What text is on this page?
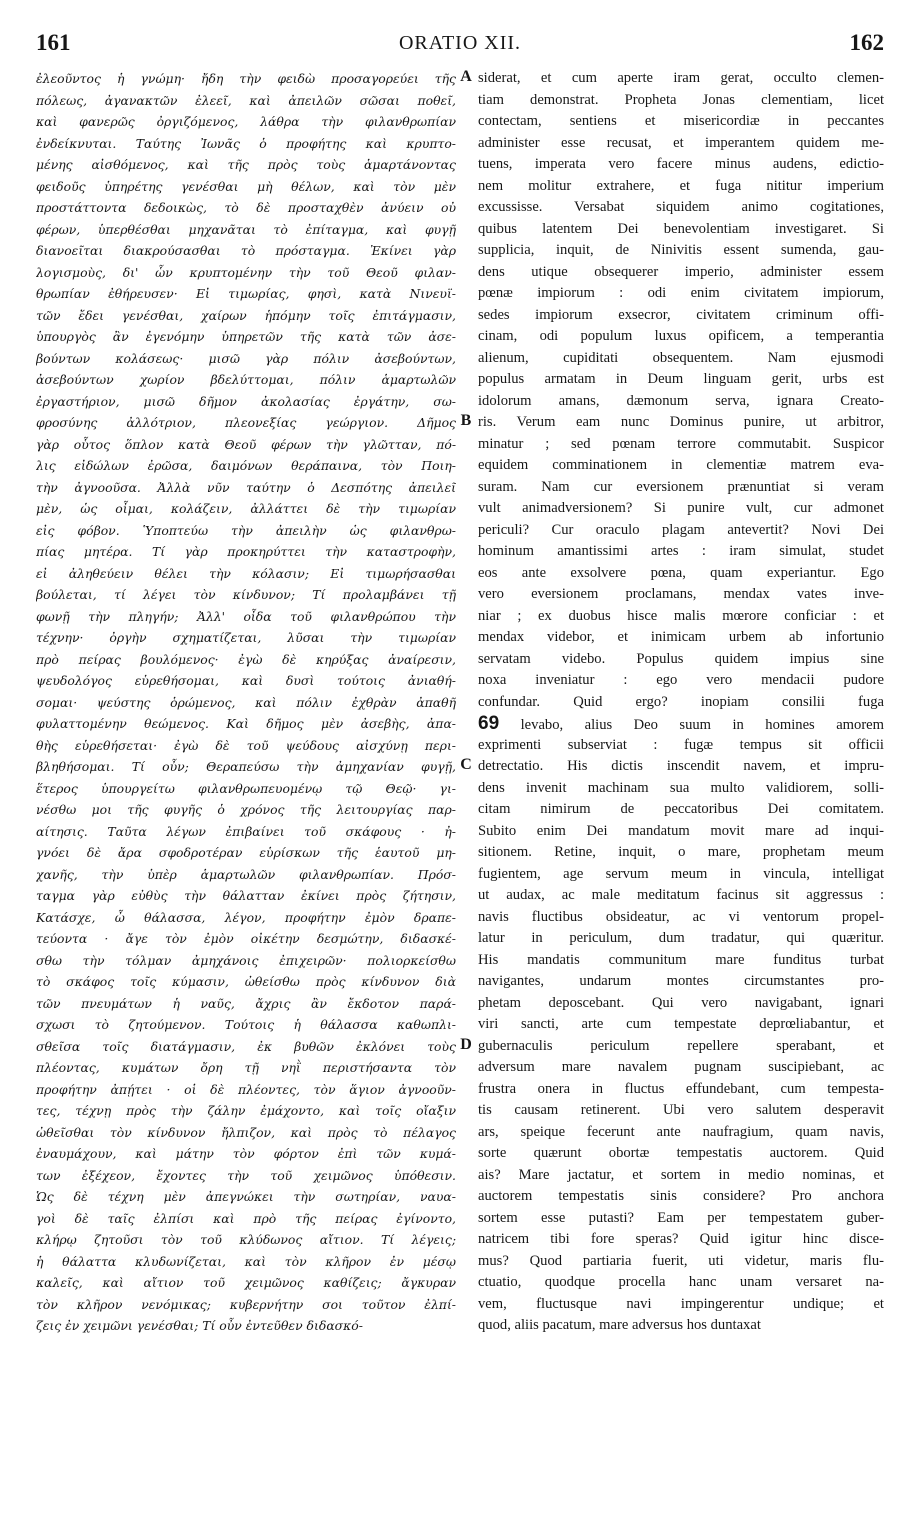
161	ORATIO XII.	162
ἐλεοῦντος ἡ γνώμη· ἤδη τὴν φειδὼ προσαγορεύει τῆς
πόλεως, ἀγανακτῶν ἐλεεῖ, καὶ ἀπειλῶν σῶσαι ποθεῖ,
καὶ φανερῶς ὀργιζόμενος, λάθρα τὴν φιλανθρωπίαν
ἐνδείκνυται. Ταύτης Ἰωνᾶς ὁ προφήτης καὶ κρυπτο-
μένης αἰσθόμενος, καὶ τῆς πρὸς τοὺς ἁμαρτάνοντας
φειδοῦς ὑπηρέτης γενέσθαι μὴ θέλων, καὶ τὸν μὲν
προστάττοντα δεδοικὼς, τὸ δὲ προσταχθὲν ἀνύειν οὐ
φέρων, ὑπερθέσθαι μηχανᾶται τὸ ἐπίταγμα, καὶ φυγῇ
διανοεῖται διακρούσασθαι τὸ πρόσταγμα. Ἐκίνει γὰρ
λογισμοὺς, δι' ὧν κρυπτομένην τὴν τοῦ Θεοῦ φιλαν-
θρωπίαν ἐθήρευσεν· Εἰ τιμωρίας, φησὶ, κατὰ Νινευϊ-
τῶν ἔδει γενέσθαι, χαίρων ἡπόμην τοῖς ἐπιτάγμασιν,
ὑπουργὸς ἂν ἐγενόμην ὑπηρετῶν τῆς κατὰ τῶν ἀσε-
βούντων κολάσεως· μισῶ γὰρ πόλιν ἀσεβούντων,
ἀσεβούντων χωρίον βδελύττομαι, πόλιν ἁμαρτωλῶν
ἐργαστήριον, μισῶ δῆμον ἀκολασίας ἐργάτην, σω-
φροσύνης ἀλλότριον, πλεονεξίας γεώργιον. Δῆμος
γὰρ οὗτος ὅπλον κατὰ Θεοῦ φέρων τὴν γλῶτταν, πό-
λις εἰδώλων ἐρῶσα, δαιμόνων θεράπαινα, τὸν Ποιη-
τὴν ἀγνοοῦσα. Ἀλλὰ νῦν ταύτην ὁ Δεσπότης ἀπειλεῖ
μὲν, ὡς οἶμαι, κολάζειν, ἀλλάττει δὲ τὴν τιμωρίαν
εἰς φόβον. Ὑποπτεύω τὴν ἀπειλὴν ὡς φιλανθρω-
πίας μητέρα. Τί γὰρ προκηρύττει τὴν καταστροφὴν,
εἰ ἀληθεύειν θέλει τὴν κόλασιν; Εἰ τιμωρήσασθαι
βούλεται, τί λέγει τὸν κίνδυνον; Τί προλαμβάνει τῇ
φωνῇ τὴν πληγήν; Ἀλλ' οἶδα τοῦ φιλανθρώπου τὴν
τέχνην· ὀργὴν σχηματίζεται, λῦσαι τὴν τιμωρίαν
πρὸ πείρας βουλόμενος· ἐγὼ δὲ κηρύξας ἀναίρεσιν,
ψευδολόγος εὑρεθήσομαι, καὶ δυσὶ τούτοις ἀνιαθή-
σομαι· ψεύστης ὁρώμενος, καὶ πόλιν ἐχθρὰν ἀπαθῆ
φυλαττομένην θεώμενος. Καὶ δῆμος μὲν ἀσεβὴς, ἀπα-
θὴς εὑρεθήσεται· ἐγὼ δὲ τοῦ ψεύδους αἰσχύνῃ περι-
βληθήσομαι. Τί οὖν; Θεραπεύσω τὴν ἀμηχανίαν φυγῇ,
ἕτερος ὑπουργείτω φιλανθρωπευομένῳ τῷ Θεῷ· γι-
νέσθω μοι τῆς φυγῆς ὁ χρόνος τῆς λειτουργίας παρ-
αίτησις. Ταῦτα λέγων ἐπιβαίνει τοῦ σκάφους · ἠ-
γνόει δὲ ἄρα σφοδροτέραν εὑρίσκων τῆς ἑαυτοῦ μη-
χανῆς, τὴν ὑπὲρ ἁμαρτωλῶν φιλανθρωπίαν. Πρόσ-
ταγμα γὰρ εὐθὺς τὴν θάλατταν ἐκίνει πρὸς ζήτησιν,
Κατάσχε, ὦ θάλασσα, λέγον, προφήτην ἐμὸν δραπε-
τεύοντα · ἄγε τὸν ἐμὸν οἰκέτην δεσμώτην, διδασκέ-
σθω τὴν τόλμαν ἀμηχάνοις ἐπιχειρῶν· πολιορκείσθω
τὸ σκάφος τοῖς κύμασιν, ὠθείσθω πρὸς κίνδυνον διὰ
τῶν πνευμάτων ἡ ναῦς, ἄχρις ἂν ἔκδοτον παρά-
σχωσι τὸ ζητούμενον. Τούτοις ἡ θάλασσα καθωπλι-
σθεῖσα τοῖς διατάγμασιν, ἐκ βυθῶν ἐκλόνει τοὺς
πλέοντας, κυμάτων ὄρη τῇ νηῒ περιστήσαντα τὸν
προφήτην ἀπῄτει · οἱ δὲ πλέοντες, τὸν ἅγιον ἀγνοοῦν-
τες, τέχνῃ πρὸς τὴν ζάλην ἐμάχοντο, καὶ τοῖς οἴαξιν
ὠθεῖσθαι τὸν κίνδυνον ἤλπιζον, καὶ πρὸς τὸ πέλαγος
ἐναυμάχουν, καὶ μάτην τὸν φόρτον ἐπὶ τῶν κυμά-
των ἐξέχεον, ἔχοντες τὴν τοῦ χειμῶνος ὑπόθεσιν.
Ὡς δὲ τέχνη μὲν ἀπεγνώκει τὴν σωτηρίαν, ναυα-
γοὶ δὲ ταῖς ἐλπίσι καὶ πρὸ τῆς πείρας ἐγίνοντο,
κλήρῳ ζητοῦσι τὸν τοῦ κλύδωνος αἴτιον. Τί λέγεις;
ἡ θάλαττα κλυδωνίζεται, καὶ τὸν κλῆρον ἐν μέσῳ
καλεῖς, καὶ αἴτιον τοῦ χειμῶνος καθίζεις; ἄγκυραν
τὸν κλῆρον νενόμικας; κυβερνήτην σοι τοῦτον ἐλπί-
ζεις ἐν χειμῶνι γενέσθαι; Τί οὖν ἐντεῦθεν διδασκό-
A
B
C
D
siderat, et cum aperte iram gerat, occulto clemen-
tiam demonstrat. Propheta Jonas clementiam, licet
contectam, sentiens et misericordiæ in peccantes
administer esse recusat, et imperantem quidem me-
tuens, imperata vero facere minus audens, edictio-
nem molitur extrahere, et fuga nititur imperium
excussisse. Versabat siquidem animo cogitationes,
quibus latentem Dei benevolentiam investigaret. Si
supplicia, inquit, de Ninivitis essent sumenda, gau-
dens utique obsequerer imperio, administer essem
pœnæ impiorum : odi enim civitatem impiorum,
sedes impiorum exsecror, civitatem criminum offi-
cinam, odi populum luxus opificem, a temperantia
alienum, cupiditati obsequentem. Nam ejusmodi
populus armatam in Deum linguam gerit, urbs est
idolorum amans, dæmonum serva, ignara Creato-
ris. Verum eam nunc Dominus punire, ut arbitror,
minatur ; sed pœnam terrore commutabit. Suspicor
equidem comminationem in clementiæ matrem eva-
suram. Nam cur eversionem prænuntiat si veram
vult animadversionem? Si punire vult, cur admonet
periculi? Cur oraculo plagam antevertit? Novi Dei
hominum amantissimi artes : iram simulat, studet
eos ante exsolvere pœna, quam experiantur. Ego
vero eversionem proclamans, mendax vates inve-
niar ; ex duobus hisce malis mœrore conficiar : et
mendax videbor, et inimicam urbem ab infortunio
servatam videbo. Populus quidem impius sine
noxa inveniatur : ego vero mendacii pudore
confundar. Quid ergo? inopiam consilii fuga
69 levabo, alius Deo suum in homines amorem
exprimenti subserviat : fugæ tempus sit officii
detrectatio. His dictis inscendit navem, et impru-
dens invenit machinam sua multo validiorem, solli-
citam nimirum de peccatoribus Dei comitatem.
Subito enim Dei mandatum movit mare ad inqui-
sitionem. Retine, inquit, o mare, prophetam meum
fugientem, age servum meum in vincula, intelligat
ut audax, ac male meditatum facinus sit aggressus :
navis fluctibus obsideatur, ac vi ventorum propel-
latur in periculum, dum tradatur, qui quæritur.
His mandatis communitum mare funditus turbat
navigantes, undarum montes circumstantes pro-
phetam deposcebant. Qui vero navigabant, ignari
viri sancti, arte cum tempestate deprœliabantur, et
gubernaculis periculum repellere sperabant, et
adversum mare navalem pugnam suscipiebant, ac
frustra onera in fluctus effundebant, cum tempesta-
tis causam retinerent. Ubi vero salutem desperavit
ars, speique fecerunt ante naufragium, quam navis,
sorte quærunt obortæ tempestatis auctorem. Quid
ais? Mare jactatur, et sortem in medio nominas, et
auctorem tempestatis sinis considere? Pro anchora
sortem esse putasti? Eam per tempestatem guber-
natricem tibi fore speras? Quid igitur hinc disce-
mus? Quod partiaria fuerit, uti videtur, maris flu-
ctuatio, quodque procella hanc unam versaret na-
vem, fluctusque navi impingerentur undique; et
quod, aliis pacatum, mare adversus hos duntaxat
